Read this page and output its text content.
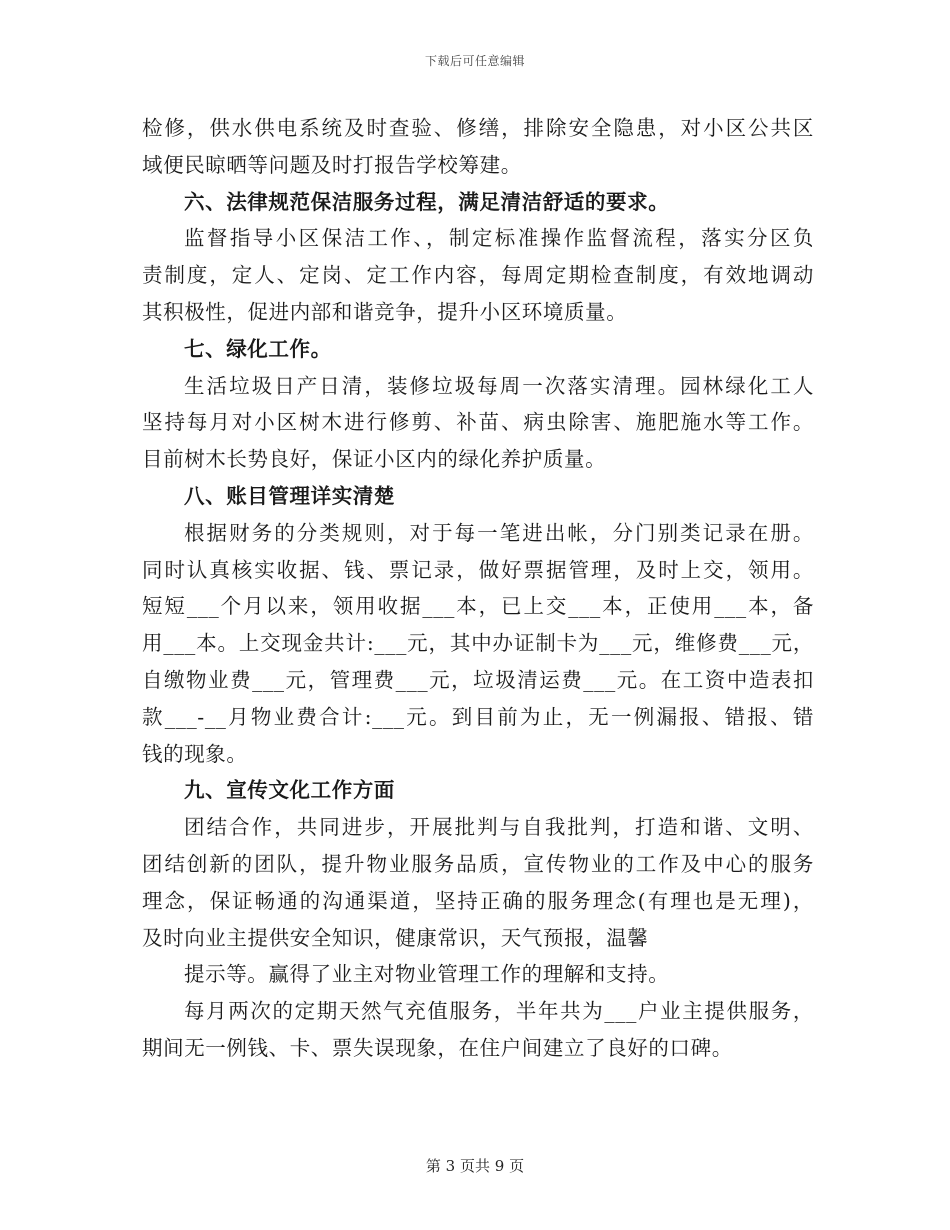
下载后可任意编辑
检修，供水供电系统及时查验、修缮，排除安全隐患，对小区公共区
域便民晾晒等问题及时打报告学校筹建。
六、法律规范保洁服务过程，满足清洁舒适的要求。
监督指导小区保洁工作、，制定标准操作监督流程，落实分区负
责制度，定人、定岗、定工作内容，每周定期检查制度，有效地调动
其积极性，促进内部和谐竞争，提升小区环境质量。
七、绿化工作。
生活垃圾日产日清，装修垃圾每周一次落实清理。园林绿化工人
坚持每月对小区树木进行修剪、补苗、病虫除害、施肥施水等工作。
目前树木长势良好，保证小区内的绿化养护质量。
八、账目管理详实清楚
根据财务的分类规则，对于每一笔进出帐，分门别类记录在册。
同时认真核实收据、钱、票记录，做好票据管理，及时上交，领用。
短短___个月以来，领用收据___本，已上交___本，正使用___本，备
用___本。上交现金共计:___元，其中办证制卡为___元，维修费___元，
自缴物业费___元，管理费___元，垃圾清运费___元。在工资中造表扣
款___-__月物业费合计:___元。到目前为止，无一例漏报、错报、错
钱的现象。
九、宣传文化工作方面
团结合作，共同进步，开展批判与自我批判，打造和谐、文明、
团结创新的团队，提升物业服务品质，宣传物业的工作及中心的服务
理念，保证畅通的沟通渠道，坚持正确的服务理念(有理也是无理)，
及时向业主提供安全知识，健康常识，天气预报，温馨
提示等。赢得了业主对物业管理工作的理解和支持。
每月两次的定期天然气充值服务，半年共为___户业主提供服务，
期间无一例钱、卡、票失误现象，在住户间建立了良好的口碑。
第 3 页共 9 页
